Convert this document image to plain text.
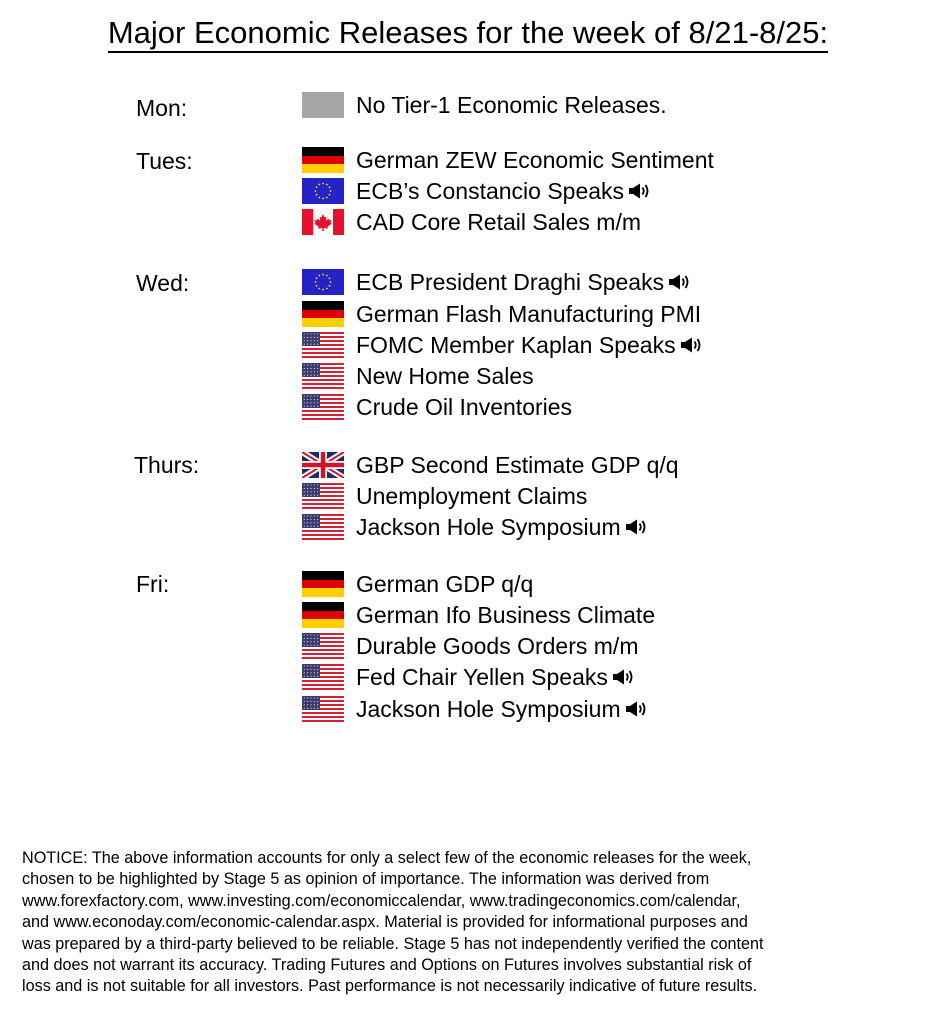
Major Economic Releases for the week of 8/21-8/25:
Mon:	No Tier-1 Economic Releases.
Tues:	German ZEW Economic Sentiment
ECB’s Constancio Speaks
CAD Core Retail Sales m/m
Wed:	ECB President Draghi Speaks
German Flash Manufacturing PMI
FOMC Member Kaplan Speaks
New Home Sales
Crude Oil Inventories
Thurs:	GBP Second Estimate GDP q/q
Unemployment Claims
Jackson Hole Symposium
Fri:	German GDP q/q
German Ifo Business Climate
Durable Goods Orders m/m
Fed Chair Yellen Speaks
Jackson Hole Symposium
NOTICE: The above information accounts for only a select few of the economic releases for the week,
chosen to be highlighted by Stage 5 as opinion of importance. The information was derived from
www.forexfactory.com, www.investing.com/economiccalendar, www.tradingeconomics.com/calendar,
and www.econoday.com/economic-calendar.aspx. Material is provided for informational purposes and
was prepared by a third-party believed to be reliable. Stage 5 has not independently verified the content
and does not warrant its accuracy. Trading Futures and Options on Futures involves substantial risk of
loss and is not suitable for all investors. Past performance is not necessarily indicative of future results.
